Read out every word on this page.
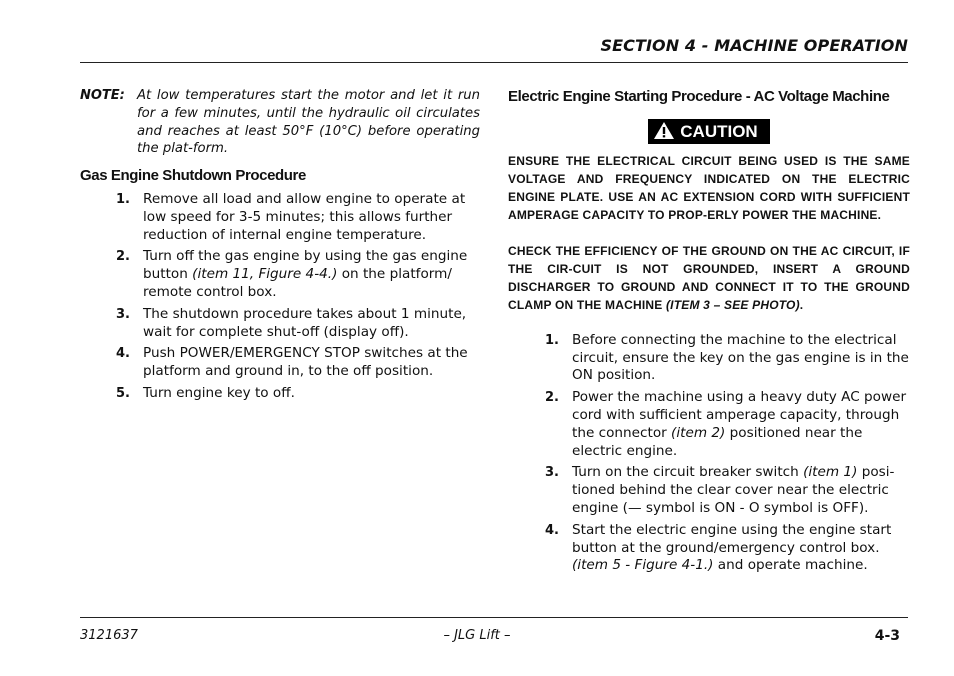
SECTION 4 - MACHINE OPERATION
NOTE: At low temperatures start the motor and let it run for a few minutes, until the hydraulic oil circulates and reaches at least 50°F (10°C) before operating the plat-form.
Gas Engine Shutdown Procedure
1. Remove all load and allow engine to operate at low speed for 3-5 minutes; this allows further reduction of internal engine temperature.
2. Turn off the gas engine by using the gas engine button (item 11, Figure 4-4.) on the platform/ remote control box.
3. The shutdown procedure takes about 1 minute, wait for complete shut-off (display off).
4. Push POWER/EMERGENCY STOP switches at the platform and ground in, to the off position.
5. Turn engine key to off.
Electric Engine Starting Procedure - AC Voltage Machine
CAUTION

ENSURE THE ELECTRICAL CIRCUIT BEING USED IS THE SAME VOLTAGE AND FREQUENCY INDICATED ON THE ELECTRIC ENGINE PLATE. USE AN AC EXTENSION CORD WITH SUFFICIENT AMPERAGE CAPACITY TO PROP-ERLY POWER THE MACHINE.

CHECK THE EFFICIENCY OF THE GROUND ON THE AC CIRCUIT, IF THE CIR-CUIT IS NOT GROUNDED, INSERT A GROUND DISCHARGER TO GROUND AND CONNECT IT TO THE GROUND CLAMP ON THE MACHINE (ITEM 3 – SEE PHOTO).

1. Before connecting the machine to the electrical circuit, ensure the key on the gas engine is in the ON position.
2. Power the machine using a heavy duty AC power cord with sufficient amperage capacity, through the connector (item 2) positioned near the electric engine.
3. Turn on the circuit breaker switch (item 1) posi-tioned behind the clear cover near the electric engine (— symbol is ON - O symbol is OFF).
4. Start the electric engine using the engine start button at the ground/emergency control box. (item 5 - Figure 4-1.) and operate machine.
3121637	– JLG Lift –	4-3
